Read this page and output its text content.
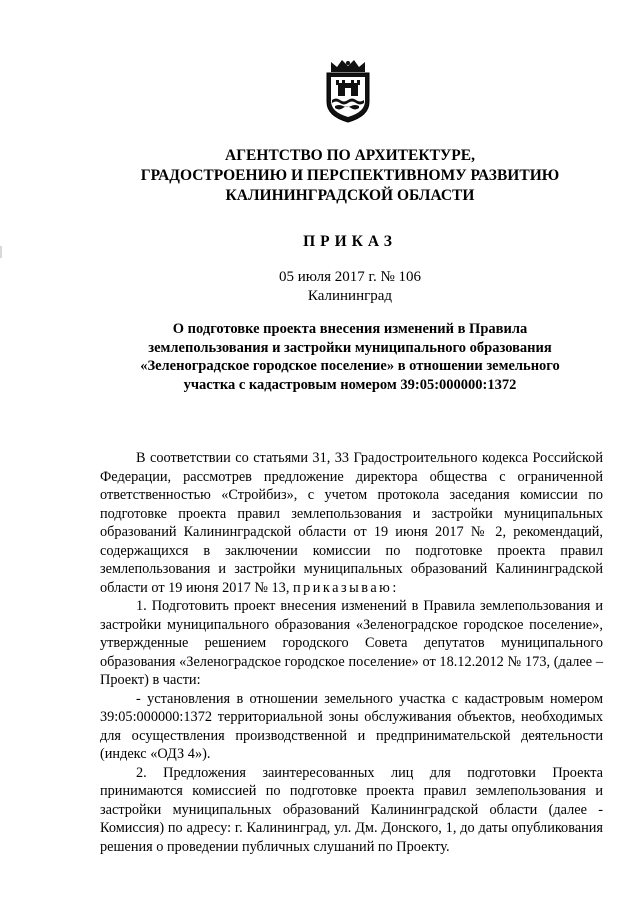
АГЕНТСТВО ПО АРХИТЕКТУРЕ,
ГРАДОСТРОЕНИЮ И ПЕРСПЕКТИВНОМУ РАЗВИТИЮ
КАЛИНИНГРАДСКОЙ ОБЛАСТИ
ПРИКАЗ
05 июля 2017 г. № 106
Калининград
О подготовке проекта внесения изменений в Правила
землепользования и застройки муниципального образования
«Зеленоградское городское поселение» в отношении земельного
участка с кадастровым номером 39:05:000000:1372

В соответствии со статьями 31, 33 Градостроительного кодекса Российской Федерации, рассмотрев предложение директора общества с ограниченной ответственностью «Стройбиз», с учетом протокола заседания комиссии по подготовке проекта правил землепользования и застройки муниципальных образований Калининградской области от 19 июня 2017 № 2, рекомендаций, содержащихся в заключении комиссии по подготовке проекта правил землепользования и застройки муниципальных образований Калининградской области от 19 июня 2017 № 13, приказываю:

1. Подготовить проект внесения изменений в Правила землепользования и застройки муниципального образования «Зеленоградское городское поселение», утвержденные решением городского Совета депутатов муниципального образования «Зеленоградское городское поселение» от 18.12.2012 № 173, (далее – Проект) в части:

- установления в отношении земельного участка с кадастровым номером 39:05:000000:1372 территориальной зоны обслуживания объектов, необходимых для осуществления производственной и предпринимательской деятельности (индекс «ОДЗ 4»).

2. Предложения заинтересованных лиц для подготовки Проекта принимаются комиссией по подготовке проекта правил землепользования и застройки муниципальных образований Калининградской области (далее - Комиссия) по адресу: г. Калининград, ул. Дм. Донского, 1, до даты опубликования решения о проведении публичных слушаний по Проекту.
